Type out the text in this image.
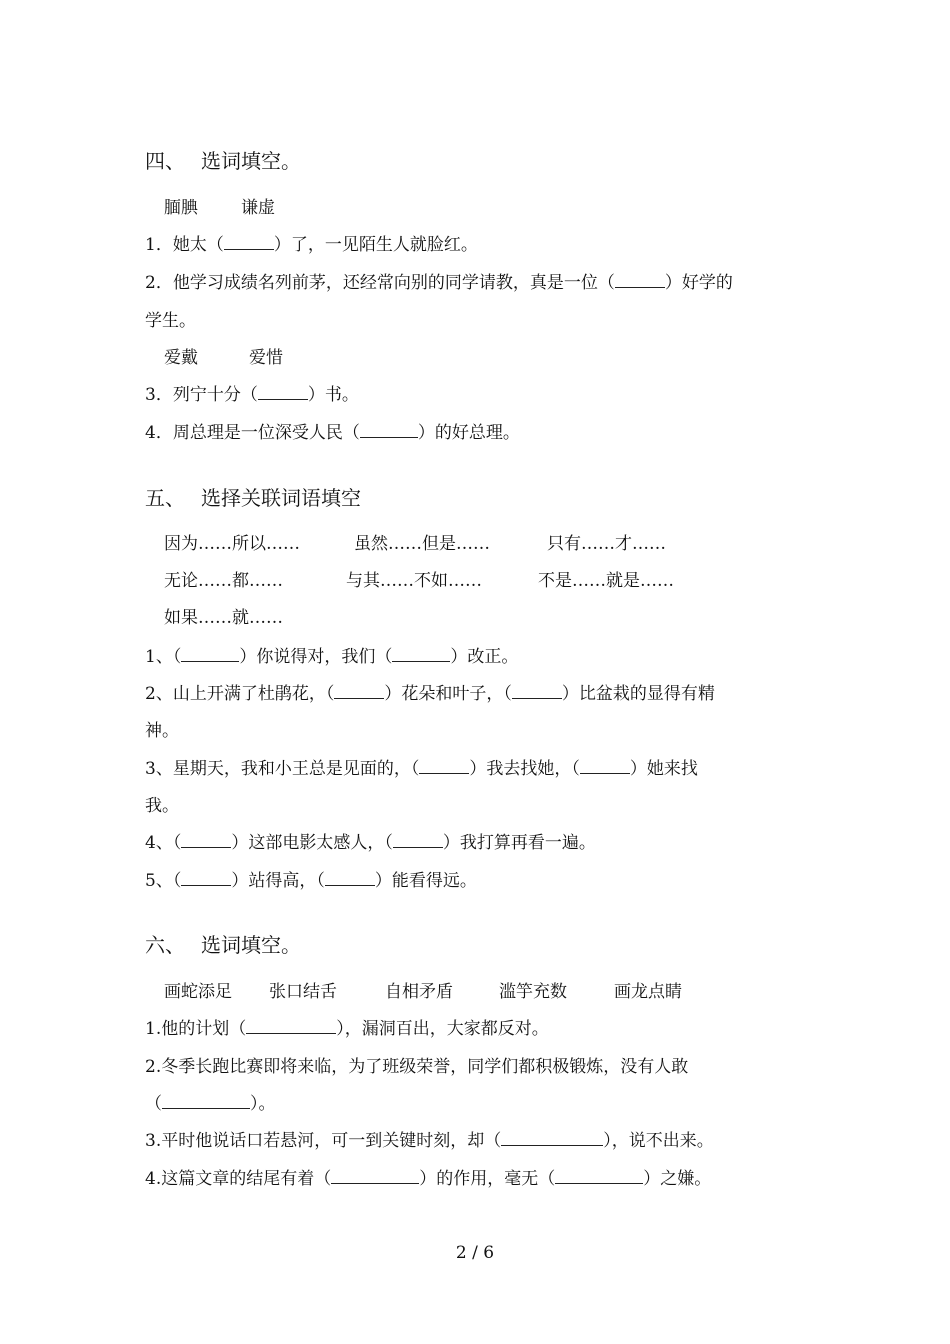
四、 选词填空。
腼腆	谦虚
1．她太（	）了，一见陌生人就脸红。
2．他学习成绩名列前茅，还经常向别的同学请教，真是一位（	）好学的
学生。
爱戴	爱惜
3．列宁十分（	）书。
4．周总理是一位深受人民（	）的好总理。
五、 选择关联词语填空
因为……所以……	虽然……但是……	只有……才……
无论……都……	与其……不如……	不是……就是……
如果……就……
1、（	）你说得对，我们（	）改正。
2、山上开满了杜鹃花，（	）花朵和叶子，（	）比盆栽的显得有精
神。
3、星期天，我和小王总是见面的，（	）我去找她，（	）她来找
我。
4、（	）这部电影太感人，（	）我打算再看一遍。
5、（	）站得高，（	）能看得远。
六、 选词填空。
画蛇添足 张口结舌	自相矛盾	滥竽充数	画龙点睛
1.他的计划（	），漏洞百出，大家都反对。
2.冬季长跑比赛即将来临，为了班级荣誉，同学们都积极锻炼，没有人敢
（	）。
3.平时他说话口若悬河，可一到关键时刻，却（	），说不出来。
4.这篇文章的结尾有着（	）的作用，毫无（	）之嫌。
2 / 6
